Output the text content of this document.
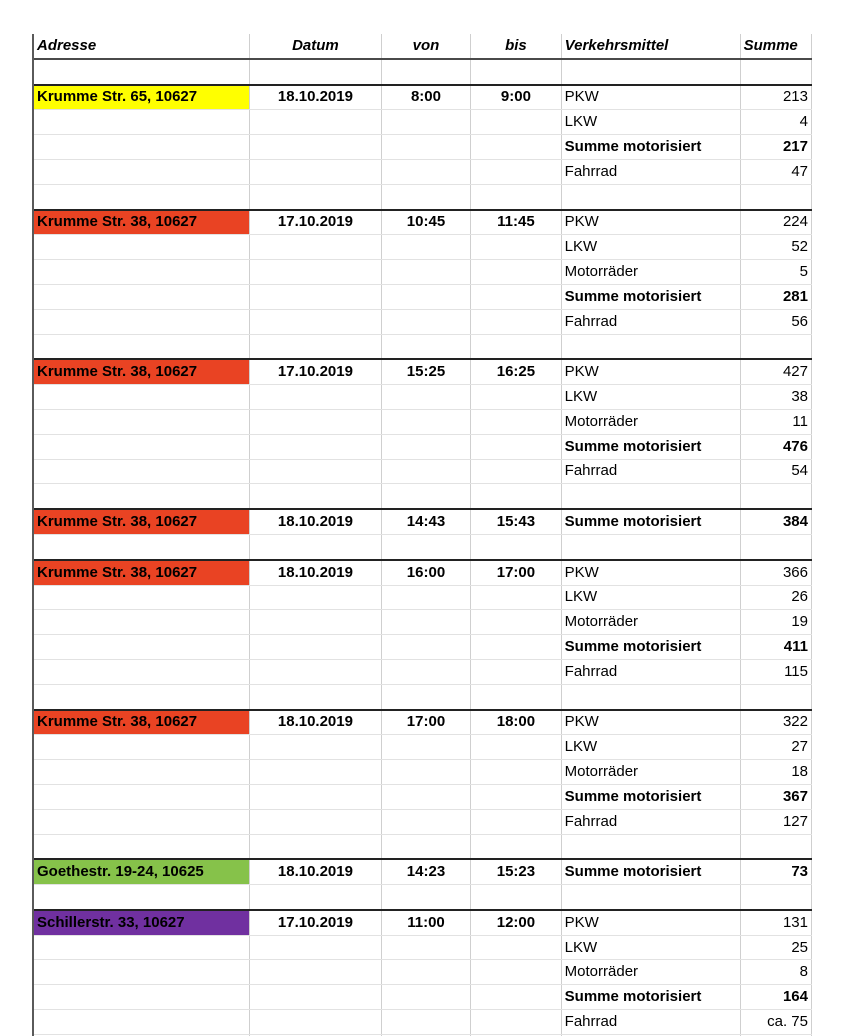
Adresse	Datum	von	bis	Verkehrsmittel	Summe

Krumme Str. 65, 10627	18.10.2019	8:00	9:00	PKW	213
				LKW	4
				Summe motorisiert	217
				Fahrrad	47

Krumme Str. 38, 10627	17.10.2019	10:45	11:45	PKW	224
				LKW	52
				Motorräder	5
				Summe motorisiert	281
				Fahrrad	56

Krumme Str. 38, 10627	17.10.2019	15:25	16:25	PKW	427
				LKW	38
				Motorräder	11
				Summe motorisiert	476
				Fahrrad	54

Krumme Str. 38, 10627	18.10.2019	14:43	15:43	Summe motorisiert	384

Krumme Str. 38, 10627	18.10.2019	16:00	17:00	PKW	366
				LKW	26
				Motorräder	19
				Summe motorisiert	411
				Fahrrad	115

Krumme Str. 38, 10627	18.10.2019	17:00	18:00	PKW	322
				LKW	27
				Motorräder	18
				Summe motorisiert	367
				Fahrrad	127

Goethestr. 19-24, 10625	18.10.2019	14:23	15:23	Summe motorisiert	73

Schillerstr. 33, 10627	17.10.2019	11:00	12:00	PKW	131
				LKW	25
				Motorräder	8
				Summe motorisiert	164
				Fahrrad	ca. 75
